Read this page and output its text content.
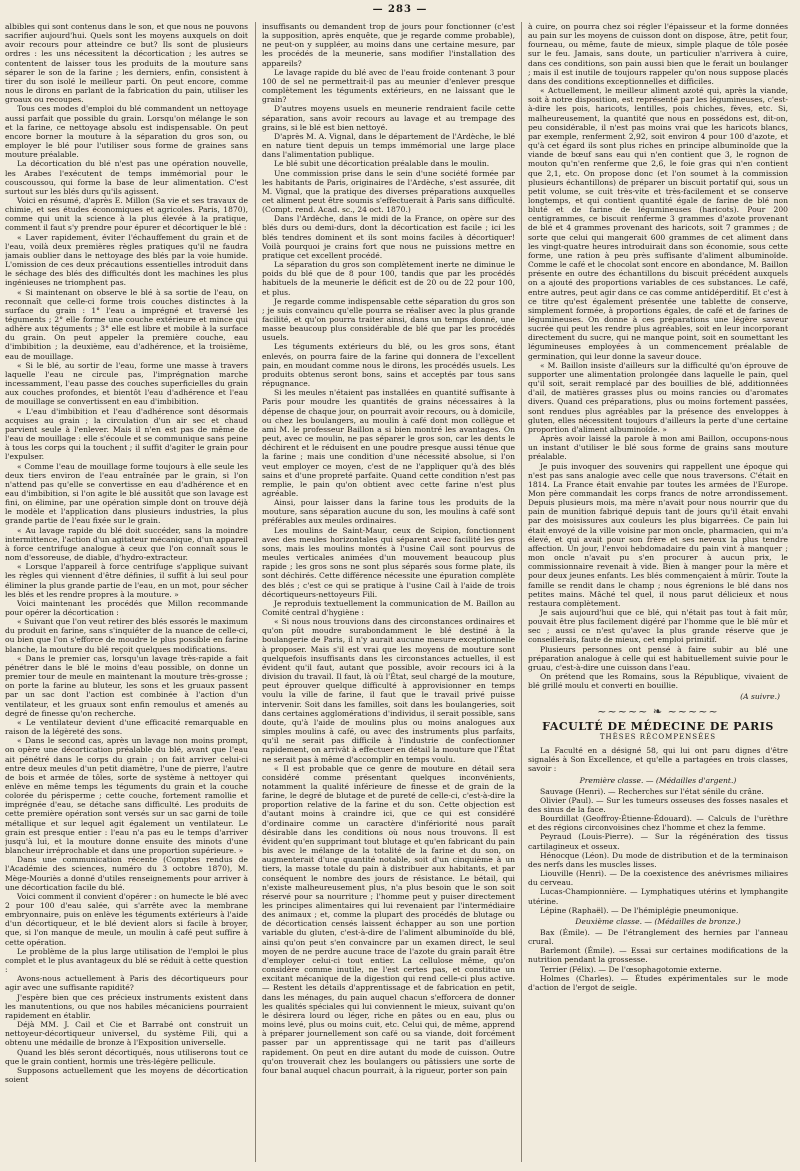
— 283 —

albibles qui sont contenus dans le son, et que nous ne pouvons sacrifier aujourd'hui. Quels sont les moyens auxquels on doit avoir recours pour atteindre ce but? Ils sont de plusieurs ordres : les uns nécessitent la décortication ; les autres se contentent de laisser tous les produits de la mouture sans séparer le son de la farine ; les derniers, enfin, consistent à tirer du son isolé le meilleur parti. On peut encore, comme nous le dirons en parlant de la fabrication du pain, utiliser les groaux ou recoupes.

Tous ces modes d'emploi du blé commandent un nettoyage aussi parfait que possible du grain. Lorsqu'on mélange le son et la farine, ce nettoyage absolu est indispensable. On peut encore borner la mouture à la séparation du gros son, ou employer le blé pour l'utiliser sous forme de graines sans mouture préalable.

La décortication du blé n'est pas une opération nouvelle, les Arabes l'exécutent de temps immémorial pour le couscoussou, qui forme la base de leur alimentation. C'est surtout sur les blés durs qu'ils agissent.

Voici en résumé, d'après E. Millon (Sa vie et ses travaux de chimie, et ses études économiques et agricoles. Paris, 1870), comme qui unit la science à la plus élevée à la pratique, comment il faut s'y prendre pour épurer et décortiquer le blé :

« Laver rapidement, éviter l'échauffement du grain et de l'eau, voilà deux premières règles pratiques qu'il ne faudra jamais oublier dans le nettoyage des blés par la voie humide. L'omission de ces deux précautions essentielles introduit dans le séchage des blés des difficultés dont les machines les plus ingénieuses ne triomphent pas.

« Si maintenant on observe le blé à sa sortie de l'eau, on reconnaît que celle-ci forme trois couches distinctes à la surface du grain : 1° l'eau a imprégné et traversé les téguments ; 2° elle forme une couche extérieure et mince qui adhère aux téguments ; 3° elle est libre et mobile à la surface du grain. On peut appeler la première couche, eau d'imbibition ; la deuxième, eau d'adhérence, et la troisième, eau de mouillage.

« Si le blé, au sortir de l'eau, forme une masse à travers laquelle l'eau ne circule pas, l'imprégnation marche incessamment, l'eau passe des couches superficielles du grain aux couches profondes, et bientôt l'eau d'adhérence et l'eau de mouillage se convertissent en eau d'imbibition.

« L'eau d'imbibition et l'eau d'adhérence sont désormais acquises au grain ; la circulation d'un air sec et chaud parvient seule à l'enlever. Mais il n'en est pas de même de l'eau de mouillage : elle s'écoule et se communique sans peine à tous les corps qui la touchent ; il suffit d'agiter le grain pour l'expulser.

« Comme l'eau de mouillage forme toujours à elle seule les deux tiers environ de l'eau entraînée par le grain, si l'on n'attend pas qu'elle se convertisse en eau d'adhérence et en eau d'imbibition, si l'on agite le blé aussitôt que son lavage est fini, on élimine, par une opération simple dont on trouve déjà le modèle et l'application dans plusieurs industries, la plus grande partie de l'eau fixée sur le grain.

« Au lavage rapide du blé doit succéder, sans la moindre intermittence, l'action d'un agitateur mécanique, d'un appareil à force centrifuge analogue à ceux que l'on connaît sous le nom d'essoreuse, de diable, d'hydro-extracteur.

« Lorsque l'appareil à force centrifuge s'applique suivant les règles qui viennent d'être définies, il suffit à lui seul pour éliminer la plus grande partie de l'eau, en un mot, pour sécher les blés et les rendre propres à la mouture. »

Voici maintenant les procédés que Millon recommande pour opérer la décortication :

« Suivant que l'on veut retirer des blés essorés le maximum du produit en farine, sans s'inquiéter de la nuance de celle-ci, ou bien que l'on s'efforce de moudre le plus possible en farine blanche, la mouture du blé reçoit quelques modifications.

« Dans le premier cas, lorsqu'un lavage très-rapide a fait pénétrer dans le blé le moins d'eau possible, on donne un premier tour de meule en maintenant la mouture très-grosse ; on porte la farine au bluteur, les sons et les gruaux passent par un sac dont l'action est combinée à l'action d'un ventilateur, et les gruaux sont enfin remoulus et amenés au degré de finesse qu'on recherche.

« Le ventilateur devient d'une efficacité remarquable en raison de la légèreté des sons.

« Dans le second cas, après un lavage non moins prompt, on opère une décortication préalable du blé, avant que l'eau ait pénétré dans le corps du grain ; on fait arriver celui-ci entre deux meules d'un petit diamètre, l'une de pierre, l'autre de bois et armée de tôles, sorte de système à nettoyer qui enlève en même temps les téguments du grain et la couche colorée du périsperme ; cette couche, fortement ramollie et imprégnée d'eau, se détache sans difficulté. Les produits de cette première opération sont versés sur un sac garni de toile métallique et sur lequel agit également un ventilateur. Le grain est presque entier : l'eau n'a pas eu le temps d'arriver jusqu'à lui, et la mouture donne ensuite des minots d'une blancheur irréprochable et dans une proportion supérieure. »

Dans une communication récente (Comptes rendus de l'Académie des sciences, numéro du 3 octobre 1870), M. Mège-Mouriès a donné d'utiles renseignements pour arriver à une décortication facile du blé.

Voici comment il convient d'opérer : on humecte le blé avec 2 pour 100 d'eau salée, qui s'arrête avec la membrane embryonnaire, puis on enlève les téguments extérieurs à l'aide d'un décortiqueur, et le blé devient alors si facile à broyer, que, si l'on manque de meule, un moulin à café peut suffire à cette opération.

Le problème de la plus large utilisation de l'emploi le plus complet et le plus avantageux du blé se réduit à cette question :

Avons-nous actuellement à Paris des décortiqueurs pour agir avec une suffisante rapidité?

J'espère bien que ces précieux instruments existent dans les manutentions, ou que nos habiles mécaniciens pourraient rapidement en établir.

Déjà MM. J. Cail et Cie et Barrabé ont construit un nettoyeur-décortiqueur universel, du système Fili, qui a obtenu une médaille de bronze à l'Exposition universelle.

Quand les blés seront décortiqués, nous utiliserons tout ce que le grain contient, hormis une très-légère pellicule.

Supposons actuellement que les moyens de décortication soient

insuffisants ou demandent trop de jours pour fonctionner (c'est la supposition, après enquête, que je regarde comme probable), ne peut-on y suppléer, au moins dans une certaine mesure, par les procédés de la meunerie, sans modifier l'installation des appareils?

Le lavage rapide du blé avec de l'eau froide contenant 3 pour 100 de sel ne permettrait-il pas au meunier d'enlever presque complètement les téguments extérieurs, en ne laissant que le grain?

D'autres moyens usuels en meunerie rendraient facile cette séparation, sans avoir recours au lavage et au trempage des grains, si le blé est bien nettoyé.

D'après M. A. Vignal, dans le département de l'Ardèche, le blé en nature tient depuis un temps immémorial une large place dans l'alimentation publique.

Le blé subit une décortication préalable dans le moulin.

Une commission prise dans le sein d'une société formée par les habitants de Paris, originaires de l'Ardèche, s'est assurée, dit M. Vignal, que la pratique des diverses préparations auxquelles cet aliment peut être soumis s'effectuerait à Paris sans difficulté. (Compt. rend. Acad. sc., 24 oct. 1870.)

Dans l'Ardèche, dans le midi de la France, on opère sur des blés durs ou demi-durs, dont la décortication est facile ; ici les blés tendres dominent et ils sont moins faciles à décortiquer! Voilà pourquoi je crains fort que nous ne puissions mettre en pratique cet excellent procédé.

La séparation du gros son complètement inerte ne diminue le poids du blé que de 8 pour 100, tandis que par les procédés habituels de la meunerie le déficit est de 20 ou de 22 pour 100, et plus.

Je regarde comme indispensable cette séparation du gros son ; je suis convaincu qu'elle pourra se réaliser avec la plus grande facilité, et qu'on pourra traiter ainsi, dans un temps donné, une masse beaucoup plus considérable de blé que par les procédés usuels.

Les téguments extérieurs du blé, ou les gros sons, étant enlevés, on pourra faire de la farine qui donnera de l'excellent pain, en moudant comme nous le dirons, les procédés usuels. Les produits obtenus seront bons, sains et acceptés par tous sans répugnance.

Si les meules n'étaient pas installées en quantité suffisante à Paris pour moudre les quantités de grains nécessaires à la dépense de chaque jour, on pourrait avoir recours, ou à domicile, ou chez les boulangers, au moulin à café dont mon collègue et ami M. le professeur Baillon a si bien montré les avantages. On peut, avec ce moulin, ne pas séparer le gros son, car les dents le déchirent et le réduisent en une poudre presque aussi ténue que la farine ; mais une condition d'une nécessité absolue, si l'on veut employer ce moyen, c'est de ne l'appliquer qu'à des blés sains et d'une propreté parfaite. Quand cette condition n'est pas remplie, le pain qu'on obtient avec cette farine n'est plus agréable.

Ainsi, pour laisser dans la farine tous les produits de la mouture, sans séparation aucune du son, les moulins à café sont préférables aux meules ordinaires.

Les moulins de Saint-Maur, ceux de Scipion, fonctionnent avec des meules horizontales qui séparent avec facilité les gros sons, mais les moulins montés à l'usine Cail sont pourvus de meules verticales animées d'un mouvement beaucoup plus rapide ; les gros sons ne sont plus séparés sous forme plate, ils sont déchirés. Cette différence nécessite une épuration complète des blés ; c'est ce qui se pratique à l'usine Cail à l'aide de trois décortiqueurs-nettoyeurs Fili.

Je reproduis textuellement la communication de M. Baillon au Comité central d'hygiène :

« Si nous nous trouvions dans des circonstances ordinaires et qu'on pût moudre surabondamment le blé destiné à la boulangerie de Paris, il n'y aurait aucune mesure exceptionnelle à proposer. Mais s'il est vrai que les moyens de mouture sont quelquefois insuffisants dans les circonstances actuelles, il est évident qu'il faut, autant que possible, avoir recours ici à la division du travail. Il faut, là où l'État, seul chargé de la mouture, peut éprouver quelque difficulté à approvisionner en temps voulu la ville de farine, il faut que le travail privé puisse intervenir. Soit dans les familles, soit dans les boulangeries, soit dans certaines agglomérations d'individus, il serait possible, sans doute, qu'à l'aide de moulins plus ou moins analogues aux simples moulins à café, ou avec des instruments plus parfaits, qu'il ne serait pas difficile à l'industrie de confectionner rapidement, on arrivât à effectuer en détail la mouture que l'État ne serait pas à même d'accomplir en temps voulu.

« Il est probable que ce genre de mouture en détail sera considéré comme présentant quelques inconvénients, notamment la qualité inférieure de finesse et de grain de la farine, le degré de blutage et de pureté de celle-ci, c'est-à-dire la proportion relative de la farine et du son. Cette objection est d'autant moins à craindre ici, que ce qui est considéré d'ordinaire comme un caractère d'infériorité nous paraît désirable dans les conditions où nous nous trouvons. Il est évident qu'en supprimant tout blutage et qu'en fabricant du pain bis avec le mélange de la totalité de la farine et du son, on augmenterait d'une quantité notable, soit d'un cinquième à un tiers, la masse totale du pain à distribuer aux habitants, et par conséquent le nombre des jours de résistance. Le bétail, qui n'existe malheureusement plus, n'a plus besoin que le son soit réservé pour sa nourriture ; l'homme peut y puiser directement les principes alimentaires qui lui revenaient par l'intermédiaire des animaux ; et, comme la plupart des procédés de blutage ou de décortication censés laissent échapper au son une portion variable du gluten, c'est-à-dire de l'aliment albuminoïde du blé, ainsi qu'on peut s'en convaincre par un examen direct, le seul moyen de ne perdre aucune trace de l'azote du grain paraît être d'employer celui-ci tout entier. La cellulose même, qu'on considère comme inutile, ne l'est certes pas, et constitue un excitant mécanique de la digestion qui rend celle-ci plus active. — Restent les détails d'apprentissage et de fabrication en petit, dans les ménages, du pain auquel chacun s'efforcera de donner les qualités spéciales qui lui conviennent le mieux, suivant qu'on le désirera lourd ou léger, riche en pâtes ou en eau, plus ou moins levé, plus ou moins cuit, etc. Celui qui, de même, apprend à préparer journellement son café ou sa viande, doit forcément passer par un apprentissage qui ne tarit pas d'ailleurs rapidement. On peut en dire autant du mode de cuisson. Outre qu'on trouverait chez les boulangers ou pâtissiers une sorte de four banal auquel chacun pourrait, à la rigueur, porter son pain

à cuire, on pourra chez soi régler l'épaisseur et la forme données au pain sur les moyens de cuisson dont on dispose, âtre, petit four, fourneau, ou même, faute de mieux, simple plaque de tôle posée sur le feu. Jamais, sans doute, un particulier n'arrivera à cuire, dans ces conditions, son pain aussi bien que le ferait un boulanger ; mais il est inutile de toujours rappeler qu'on nous suppose placés dans des conditions exceptionnelles et difficiles.

« Actuellement, le meilleur aliment azoté qui, après la viande, soit à notre disposition, est représenté par les légumineuses, c'est-à-dire les pois, haricots, lentilles, pois chiches, fèves, etc. Si, malheureusement, la quantité que nous en possédons est, dit-on, peu considérable, il n'est pas moins vrai que les haricots blancs, par exemple, renferment 2,92, soit environ 4 pour 100 d'azote, et qu'à cet égard ils sont plus riches en principe albuminoïde que la viande de bœuf sans eau qui n'en contient que 3, le rognon de mouton qu'n'en renferme que 2,6, le foie gras qui n'en contient que 2,1, etc. On propose donc (et l'on soumet à la commission plusieurs échantillons) de préparer un biscuit portatif qui, sous un petit volume, se cuit très-vite et très-facilement et se conserve longtemps, et qui contient quantité égale de farine de blé non bluté et de farine de légumineuses (haricots). Pour 200 centigrammes, ce biscuit renferme 3 grammes d'azote provenant de blé et 4 grammes provenant des haricots, soit 7 grammes ; de sorte que celui qui mangerait 600 grammes de cet aliment dans les vingt-quatre heures introduirait dans son économie, sous cette forme, une ration à peu près suffisante d'aliment albuminoïde. Comme le café et le chocolat sont encore en abondance, M. Baillon présente en outre des échantillons du biscuit précédent auxquels on a ajouté des proportions variables de ces substances. Le café, entre autres, peut agir dans ce cas comme antidéperditif. Et c'est à ce titre qu'est également présentée une tablette de conserve, simplement formée, à proportions égales, de café et de farines de légumineuses. On donne à ces préparations une légère saveur sucrée qui peut les rendre plus agréables, soit en leur incorporant directement du sucre, qui ne manque point, soit en soumettant les légumineuses employées à un commencement préalable de germination, qui leur donne la saveur douce.

« M. Baillon insiste d'ailleurs sur la difficulté qu'on éprouve de supporter une alimentation prolongée dans laquelle le pain, quel qu'il soit, serait remplacé par des bouillies de blé, additionnées d'ail, de matières grasses plus ou moins rancies ou d'aromates divers. Quand ces préparations, plus ou moins fortement passées, sont rendues plus agréables par la présence des enveloppes à gluten, elles nécessitent toujours d'ailleurs la perte d'une certaine proportion d'aliment albuminoïde. »

Après avoir laissé la parole à mon ami Baillon, occupons-nous un instant d'utiliser le blé sous forme de grains sans mouture préalable.

Je puis invoquer des souvenirs qui rappellent une époque qui n'est pas sans analogie avec celle que nous traversons. C'était en 1814. La France était envahie par toutes les armées de l'Europe. Mon père commandait les corps francs de notre arrondissement. Depuis plusieurs mois, ma mère n'avait pour nous nourrir que du pain de munition fabriqué depuis tant de jours qu'il était envahi par des moisissures aux couleurs les plus bigarrées. Ce pain lui était envoyé de la ville voisine par mon oncle, pharmacien, qui m'a élevé, et qui avait pour son frère et ses neveux la plus tendre affection. Un jour, l'envoi hebdomadaire du pain vint à manquer ; mon oncle n'avait pu s'en procurer à aucun prix, le commissionnaire revenait à vide. Bien à manger pour la mère et pour deux jeunes enfants. Les blés commençaient à mûrir. Toute la famille se rendit dans le champ ; nous égrenions le blé dans nos petites mains. Mâché tel quel, il nous parut délicieux et nous restaura complètement.

Je sais aujourd'hui que ce blé, qui n'était pas tout à fait mûr, pouvait être plus facilement digéré par l'homme que le blé mûr et sec ; aussi ce n'est qu'avec la plus grande réserve que je conseillerais, faute de mieux, cet emploi primitif.

Plusieurs personnes ont pensé à faire subir au blé une préparation analogue à celle qui est habituellement suivie pour le gruau, c'est-à-dire une cuisson dans l'eau.

On prétend que les Romains, sous la République, vivaient de blé grillé moulu et converti en bouillie.

(A suivre.)
~~~~~ ❧ ~~~~~
FACULTÉ DE MÉDECINE DE PARIS
THÈSES RÉCOMPENSÉES

La Faculté en a désigné 58, qui lui ont paru dignes d'être signalés à Son Excellence, et qu'elle a partagées en trois classes, savoir :

Première classe. — (Médailles d'argent.)

Sauvage (Henri). — Recherches sur l'état sénile du crâne.

Olivier (Paul). — Sur les tumeurs osseuses des fosses nasales et des sinus de la face.

Bourdillat (Geoffroy-Étienne-Édouard). — Calculs de l'urèthre et des régions circonvoisines chez l'homme et chez la femme.

Peyraud (Louis-Pierre). — Sur la régénération des tissus cartilagineux et osseux.

Hénocque (Léon). Du mode de distribution et de la terminaison des nerfs dans les muscles lisses.

Liouville (Henri). — De la coexistence des anévrismes miliaires du cerveau.

Lucas-Championnière. — Lymphatiques utérins et lymphangite utérine.

Lépine (Raphaël). — De l'hémiplégie pneumonique.

Deuxième classe. — (Médailles de bronze.)

Bax (Émile). — De l'étranglement des hernies par l'anneau crural.

Barlemont (Émile). — Essai sur certaines modifications de la nutrition pendant la grossesse.

Terrier (Félix). — De l'œsophagotomie externe.

Holmes (Charles). — Études expérimentales sur le mode d'action de l'ergot de seigle.
